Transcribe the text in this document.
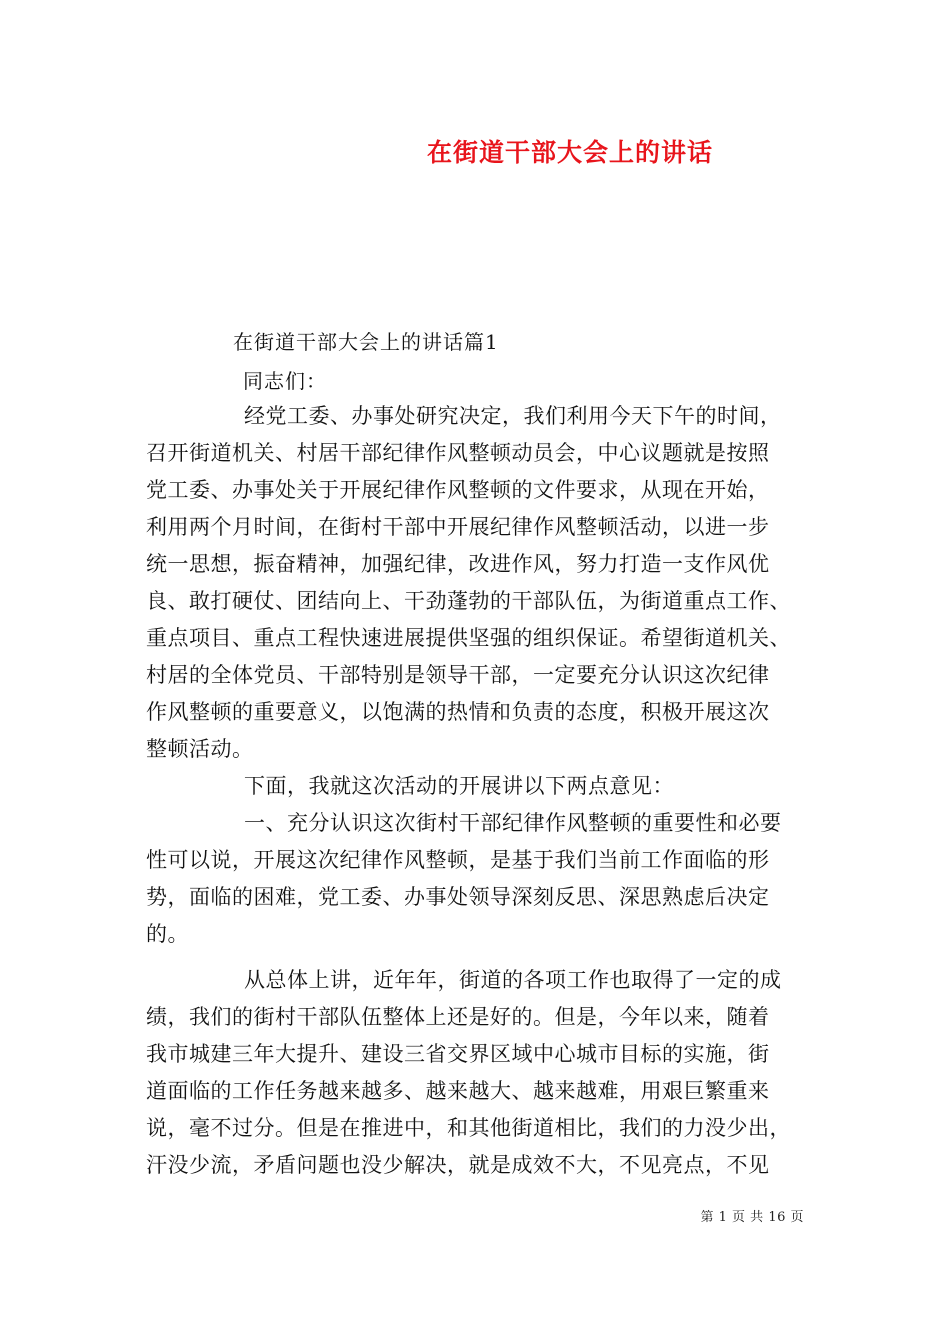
在街道干部大会上的讲话
在街道干部大会上的讲话篇1
同志们：

经党工委、办事处研究决定，我们利用今天下午的时间，
召开街道机关、村居干部纪律作风整顿动员会，中心议题就是按照
党工委、办事处关于开展纪律作风整顿的文件要求，从现在开始，
利用两个月时间，在街村干部中开展纪律作风整顿活动，以进一步
统一思想，振奋精神，加强纪律，改进作风，努力打造一支作风优
良、敢打硬仗、团结向上、干劲蓬勃的干部队伍，为街道重点工作、
重点项目、重点工程快速进展提供坚强的组织保证。希望街道机关、
村居的全体党员、干部特别是领导干部，一定要充分认识这次纪律
作风整顿的重要意义，以饱满的热情和负责的态度，积极开展这次
整顿活动。

下面，我就这次活动的开展讲以下两点意见：

一、充分认识这次街村干部纪律作风整顿的重要性和必要
性可以说，开展这次纪律作风整顿，是基于我们当前工作面临的形
势，面临的困难，党工委、办事处领导深刻反思、深思熟虑后决定
的。

从总体上讲，近年年，街道的各项工作也取得了一定的成
绩，我们的街村干部队伍整体上还是好的。但是，今年以来，随着
我市城建三年大提升、建设三省交界区域中心城市目标的实施，街
道面临的工作任务越来越多、越来越大、越来越难，用艰巨繁重来
说，毫不过分。但是在推进中，和其他街道相比，我们的力没少出，
汗没少流，矛盾问题也没少解决，就是成效不大，不见亮点，不见

第 1 页 共 16 页
